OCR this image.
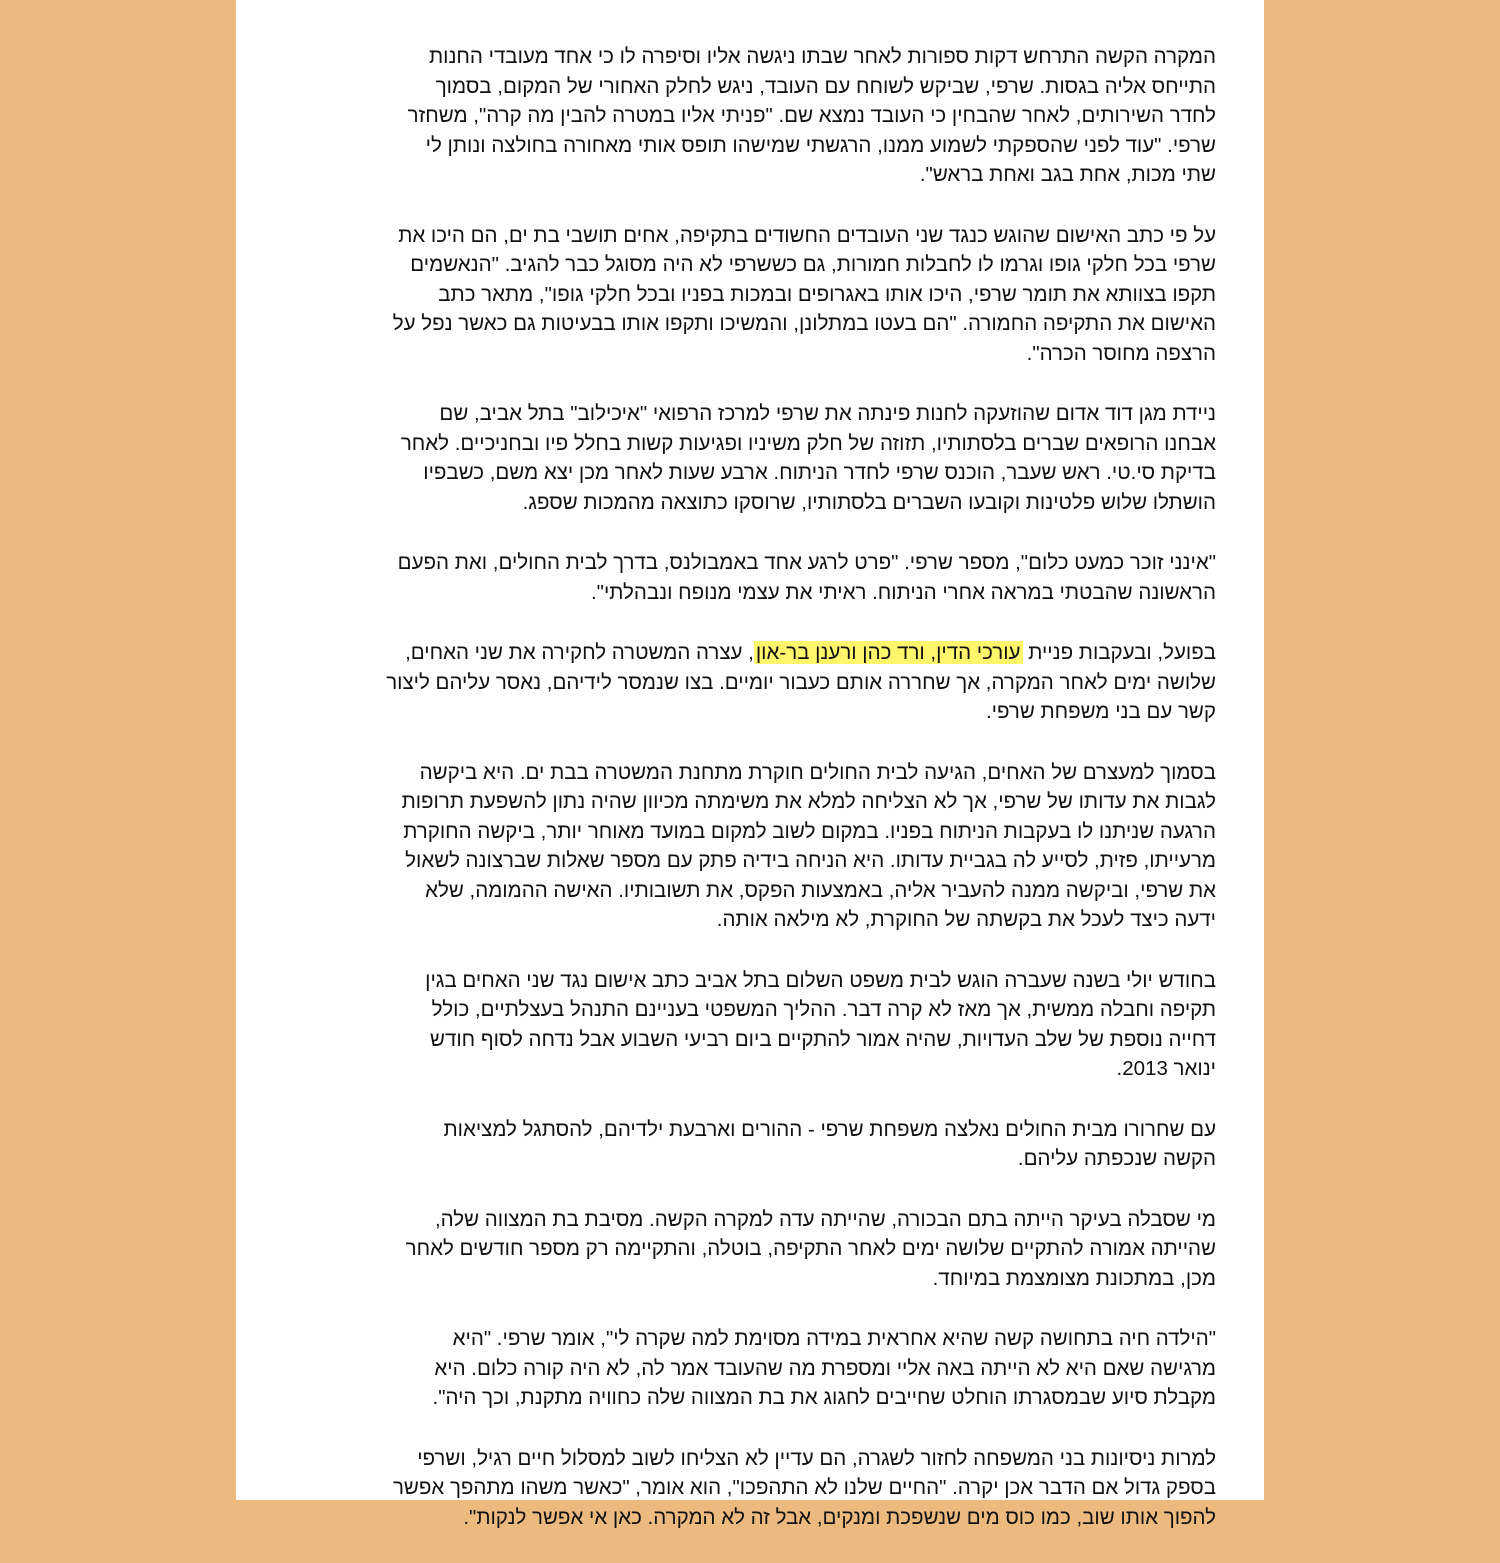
המקרה הקשה התרחש דקות ספורות לאחר שבתו ניגשה אליו וסיפרה לו כי אחד מעובדי החנות
התייחס אליה בגסות. שרפי, שביקש לשוחח עם העובד, ניגש לחלק האחורי של המקום, בסמוך
לחדר השירותים, לאחר שהבחין כי העובד נמצא שם. "פניתי אליו במטרה להבין מה קרה", משחזר
שרפי. "עוד לפני שהספקתי לשמוע ממנו, הרגשתי שמישהו תופס אותי מאחורה בחולצה ונותן לי
שתי מכות, אחת בגב ואחת בראש".

על פי כתב האישום שהוגש כנגד שני העובדים החשודים בתקיפה, אחים תושבי בת ים, הם היכו את
שרפי בכל חלקי גופו וגרמו לו לחבלות חמורות, גם כששרפי לא היה מסוגל כבר להגיב. "הנאשמים
תקפו בצוותא את תומר שרפי, היכו אותו באגרופים ובמכות בפניו ובכל חלקי גופו", מתאר כתב
האישום את התקיפה החמורה. "הם בעטו במתלונן, והמשיכו ותקפו אותו בבעיטות גם כאשר נפל על
הרצפה מחוסר הכרה".

ניידת מגן דוד אדום שהוזעקה לחנות פינתה את שרפי למרכז הרפואי "איכילוב" בתל אביב, שם
אבחנו הרופאים שברים בלסתותיו, תזוזה של חלק משיניו ופגיעות קשות בחלל פיו ובחניכיים. לאחר
בדיקת סי.טי. ראש שעבר, הוכנס שרפי לחדר הניתוח. ארבע שעות לאחר מכן יצא משם, כשבפיו
הושתלו שלוש פלטינות וקובעו השברים בלסתותיו, שרוסקו כתוצאה מהמכות שספג.

"אינני זוכר כמעט כלום", מספר שרפי. "פרט לרגע אחד באמבולנס, בדרך לבית החולים, ואת הפעם
הראשונה שהבטתי במראה אחרי הניתוח. ראיתי את עצמי מנופח ונבהלתי".

בפועל, ובעקבות פניית עורכי הדין, ורד כהן ורענן בר-און, עצרה המשטרה לחקירה את שני האחים,
שלושה ימים לאחר המקרה, אך שחררה אותם כעבור יומיים. בצו שנמסר לידיהם, נאסר עליהם ליצור
קשר עם בני משפחת שרפי.

בסמוך למעצרם של האחים, הגיעה לבית החולים חוקרת מתחנת המשטרה בבת ים. היא ביקשה
לגבות את עדותו של שרפי, אך לא הצליחה למלא את משימתה מכיוון שהיה נתון להשפעת תרופות
הרגעה שניתנו לו בעקבות הניתוח בפניו. במקום לשוב למקום במועד מאוחר יותר, ביקשה החוקרת
מרעייתו, פזית, לסייע לה בגביית עדותו. היא הניחה בידיה פתק עם מספר שאלות שברצונה לשאול
את שרפי, וביקשה ממנה להעביר אליה, באמצעות הפקס, את תשובותיו. האישה ההמומה, שלא
ידעה כיצד לעכל את בקשתה של החוקרת, לא מילאה אותה.

בחודש יולי בשנה שעברה הוגש לבית משפט השלום בתל אביב כתב אישום נגד שני האחים בגין
תקיפה וחבלה ממשית, אך מאז לא קרה דבר. ההליך המשפטי בעניינם התנהל בעצלתיים, כולל
דחייה נוספת של שלב העדויות, שהיה אמור להתקיים ביום רביעי השבוע אבל נדחה לסוף חודש
ינואר 2013.

עם שחרורו מבית החולים נאלצה משפחת שרפי - ההורים וארבעת ילדיהם, להסתגל למציאות
הקשה שנכפתה עליהם.

מי שסבלה בעיקר הייתה בתם הבכורה, שהייתה עדה למקרה הקשה. מסיבת בת המצווה שלה,
שהייתה אמורה להתקיים שלושה ימים לאחר התקיפה, בוטלה, והתקיימה רק מספר חודשים לאחר
מכן, במתכונת מצומצמת במיוחד.

"הילדה חיה בתחושה קשה שהיא אחראית במידה מסוימת למה שקרה לי", אומר שרפי. "היא
מרגישה שאם היא לא הייתה באה אליי ומספרת מה שהעובד אמר לה, לא היה קורה כלום. היא
מקבלת סיוע שבמסגרתו הוחלט שחייבים לחגוג את בת המצווה שלה כחוויה מתקנת, וכך היה".

למרות ניסיונות בני המשפחה לחזור לשגרה, הם עדיין לא הצליחו לשוב למסלול חיים רגיל, ושרפי
בספק גדול אם הדבר אכן יקרה. "החיים שלנו לא התהפכו", הוא אומר, "כאשר משהו מתהפך אפשר
להפוך אותו שוב, כמו כוס מים שנשפכת ומנקים, אבל זה לא המקרה. כאן אי אפשר לנקות".
